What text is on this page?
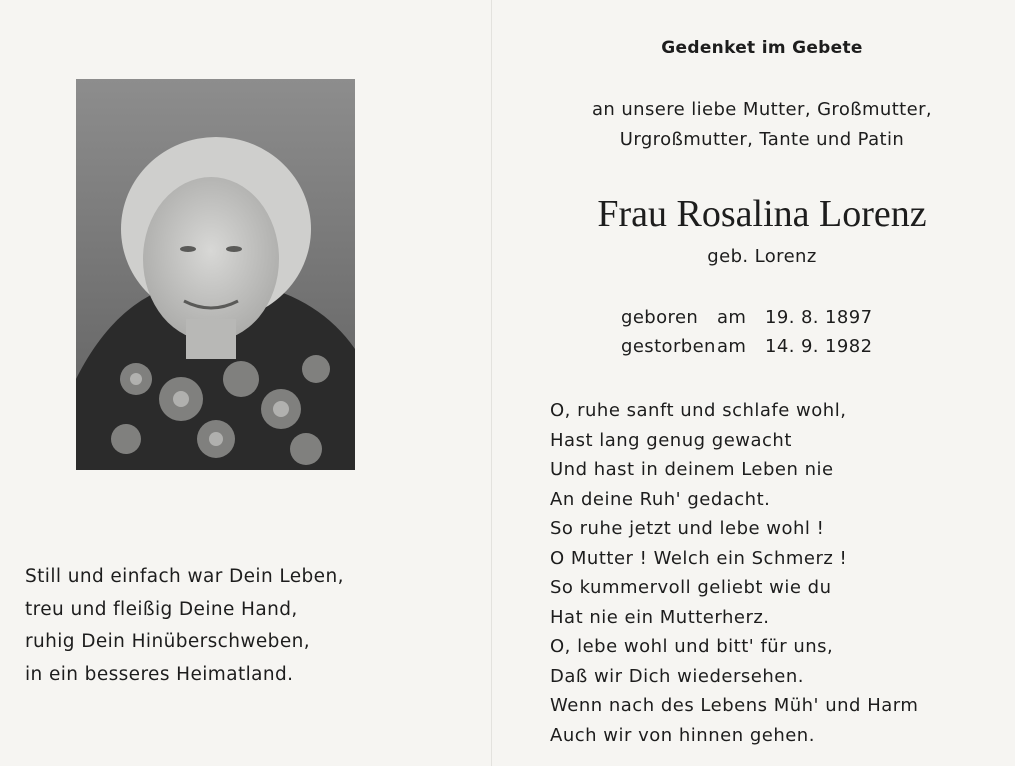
Still und einfach war Dein Leben,
treu und fleißig Deine Hand,
ruhig Dein Hinüberschweben,
in ein besseres Heimatland.
Gedenket im Gebete
an unsere liebe Mutter, Großmutter,
Urgroßmutter, Tante und Patin
Frau Rosalina Lorenz
geb. Lorenz
geboren am 19. 8. 1897
gestorbenam 14. 9. 1982
O, ruhe sanft und schlafe wohl,
Hast lang genug gewacht
Und hast in deinem Leben nie
An deine Ruh' gedacht.
So ruhe jetzt und lebe wohl !
O Mutter ! Welch ein Schmerz !
So kummervoll geliebt wie du
Hat nie ein Mutterherz.
O, lebe wohl und bitt' für uns,
Daß wir Dich wiedersehen.
Wenn nach des Lebens Müh' und Harm
Auch wir von hinnen gehen.
